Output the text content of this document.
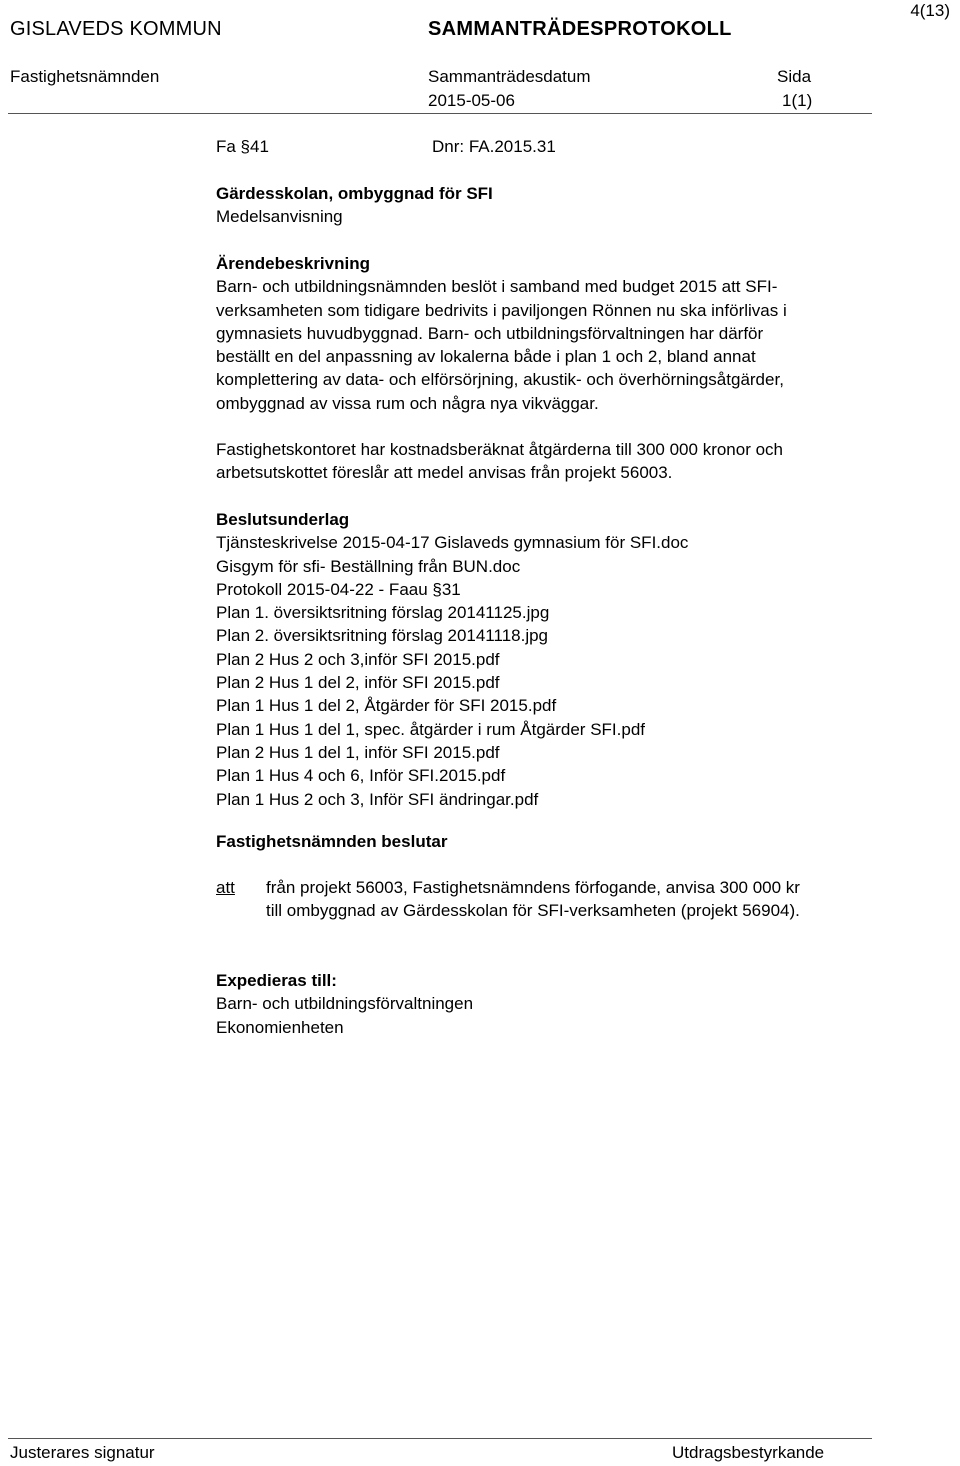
4(13)
GISLAVEDS KOMMUN	SAMMANTRÄDESPROTOKOLL
Fastighetsnämnden	Sammanträdesdatum	Sida
2015-05-06	1(1)
Fa §41	Dnr: FA.2015.31
Gärdesskolan, ombyggnad för SFI
Medelsanvisning
Ärendebeskrivning
Barn- och utbildningsnämnden beslöt i samband med budget 2015 att SFI-
verksamheten som tidigare bedrivits i paviljongen Rönnen nu ska införlivas i
gymnasiets huvudbyggnad. Barn- och utbildningsförvaltningen har därför
beställt en del anpassning av lokalerna både i plan 1 och 2, bland annat
komplettering av data- och elförsörjning, akustik- och överhörningsåtgärder,
ombyggnad av vissa rum och några nya vikväggar.
Fastighetskontoret har kostnadsberäknat åtgärderna till 300 000 kronor och
arbetsutskottet föreslår att medel anvisas från projekt 56003.
Beslutsunderlag
Tjänsteskrivelse 2015-04-17 Gislaveds gymnasium för SFI.doc
Gisgym för sfi- Beställning från BUN.doc
Protokoll 2015-04-22 - Faau §31
Plan 1. översiktsritning förslag 20141125.jpg
Plan 2. översiktsritning förslag 20141118.jpg
Plan 2 Hus 2 och 3,inför SFI 2015.pdf
Plan 2 Hus 1 del 2, inför SFI 2015.pdf
Plan 1 Hus 1 del 2, Åtgärder för SFI 2015.pdf
Plan 1 Hus 1 del 1, spec. åtgärder i rum Åtgärder SFI.pdf
Plan 2 Hus 1 del 1, inför SFI 2015.pdf
Plan 1 Hus 4 och 6, Inför SFI.2015.pdf
Plan 1 Hus 2 och 3, Inför SFI ändringar.pdf
Fastighetsnämnden beslutar
att från projekt 56003, Fastighetsnämndens förfogande, anvisa 300 000 kr
till ombyggnad av Gärdesskolan för SFI-verksamheten (projekt 56904).
Expedieras till:
Barn- och utbildningsförvaltningen
Ekonomienheten
Justerares signatur	Utdragsbestyrkande
